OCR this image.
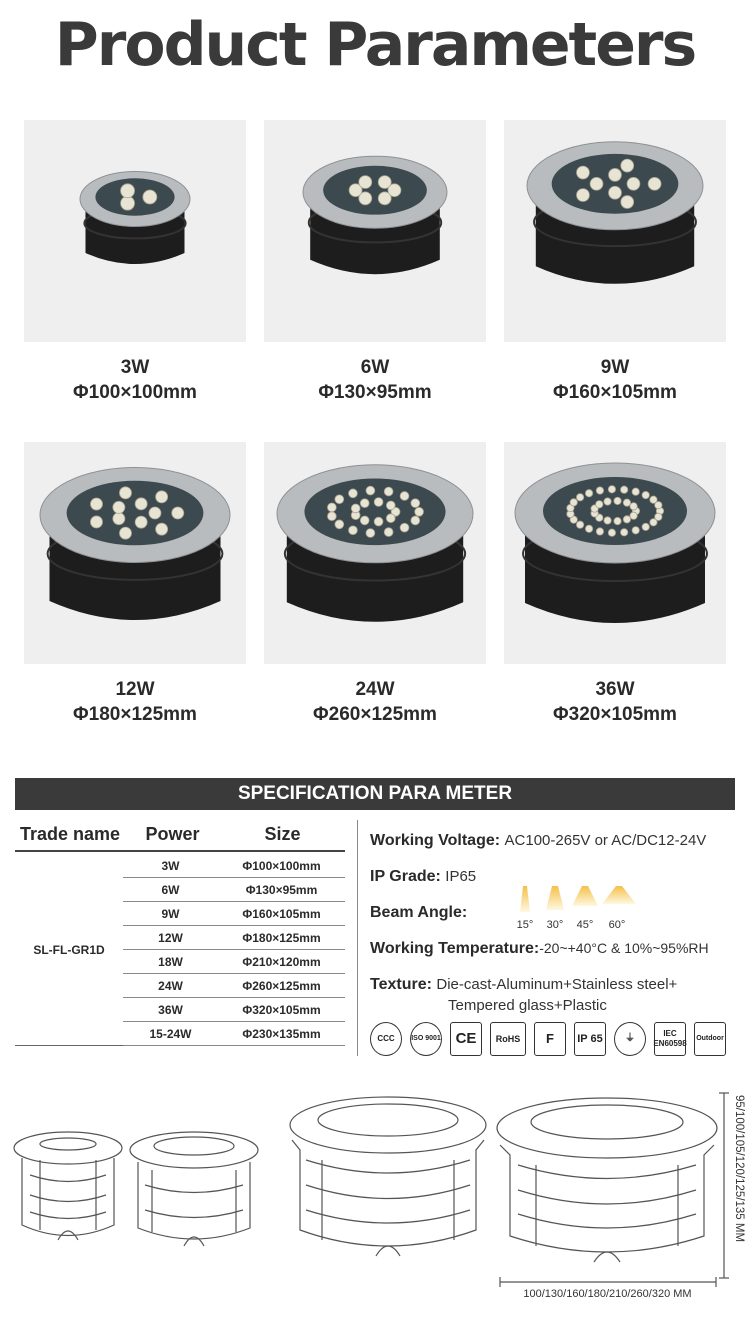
Product Parameters
3W
Φ100×100mm
6W
Φ130×95mm
9W
Φ160×105mm
12W
Φ180×125mm
24W
Φ260×125mm
36W
Φ320×105mm
SPECIFICATION PARA METER
Trade name	Power	Size
SL-FL-GR1D
3W	Φ100×100mm
6W	Φ130×95mm
9W	Φ160×105mm
12W	Φ180×125mm
18W	Φ210×120mm
24W	Φ260×125mm
36W	Φ320×105mm
15-24W	Φ230×135mm
Working Voltage: AC100-265V or AC/DC12-24V
IP Grade: IP65
Beam Angle:
15°	30°	45°	60°
Working Temperature:-20~+40°C & 10%~95%RH
Texture: Die-cast-Aluminum+Stainless steel+
Tempered glass+Plastic
CCC ISO 9001 CE RoHS F IP 65	⏚	IEC EN60598
Outdoor
95/100/105/120/125/135 MM
100/130/160/180/210/260/320 MM
